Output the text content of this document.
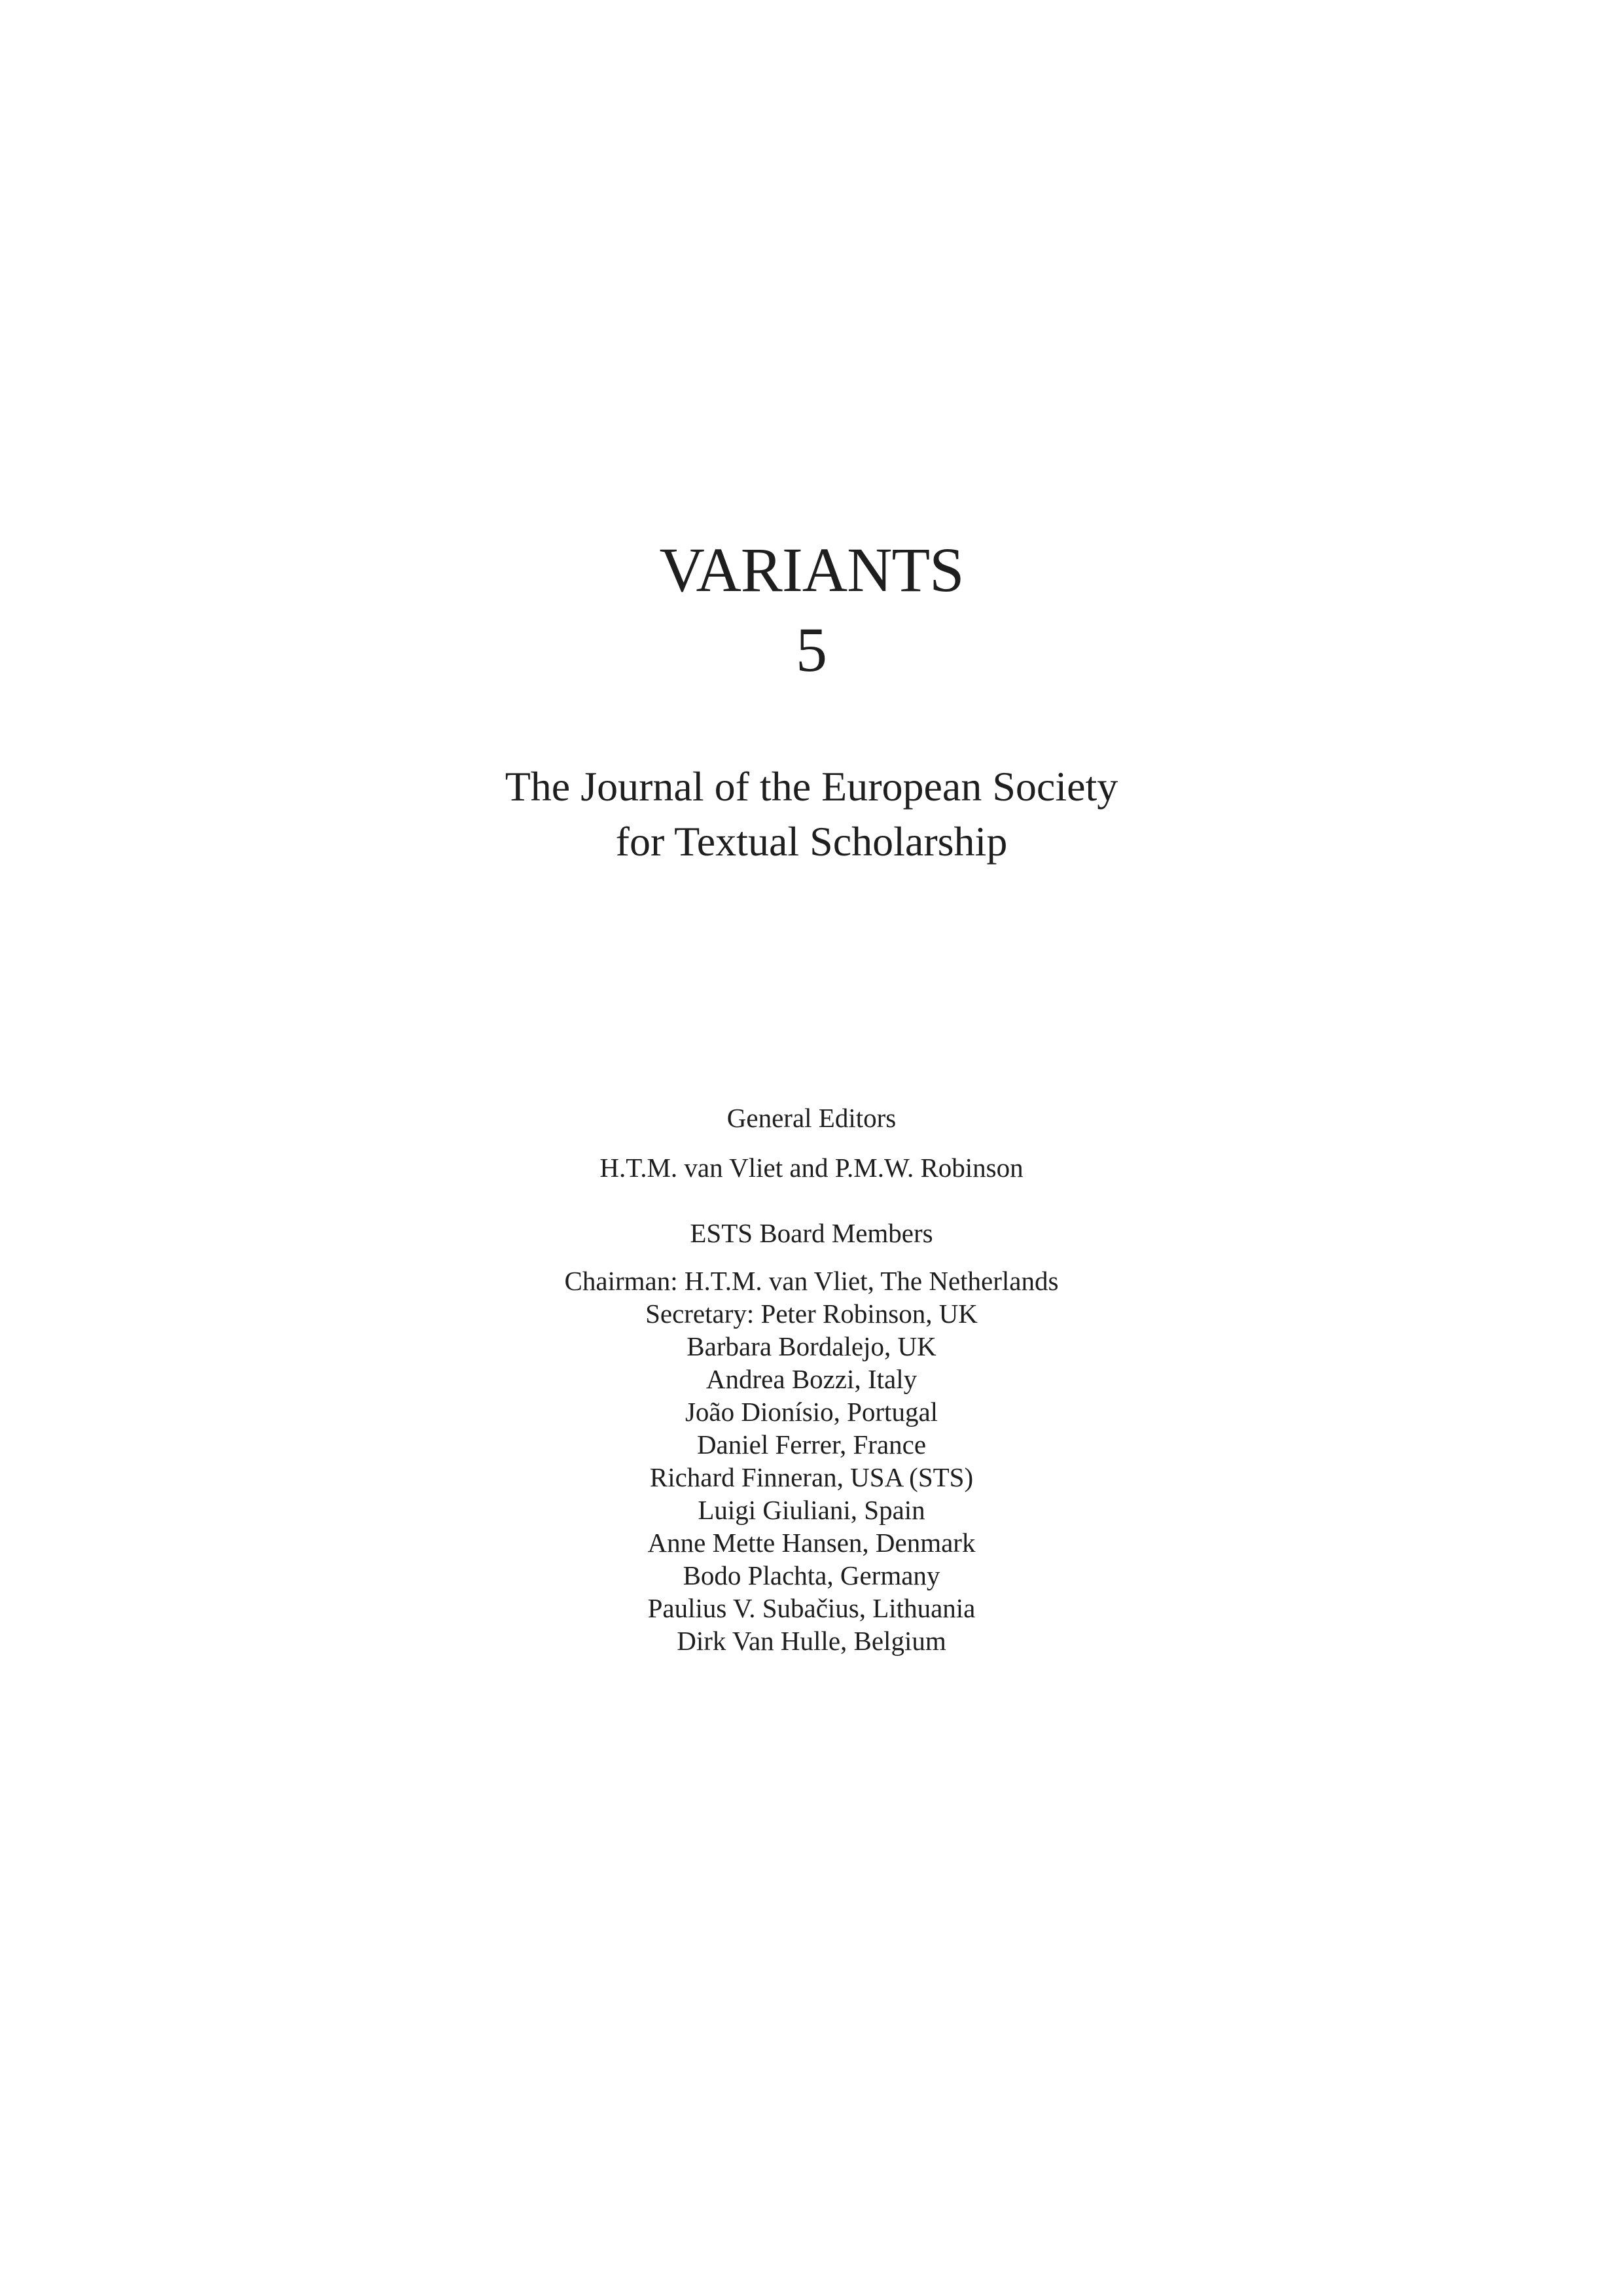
VARIANTS
5
The Journal of the European Society
for Textual Scholarship
General Editors
H.T.M. van Vliet and P.M.W. Robinson
ESTS Board Members
Chairman: H.T.M. van Vliet, The Netherlands
Secretary: Peter Robinson, UK
Barbara Bordalejo, UK
Andrea Bozzi, Italy
João Dionísio, Portugal
Daniel Ferrer, France
Richard Finneran, USA (STS)
Luigi Giuliani, Spain
Anne Mette Hansen, Denmark
Bodo Plachta, Germany
Paulius V. Subačius, Lithuania
Dirk Van Hulle, Belgium
